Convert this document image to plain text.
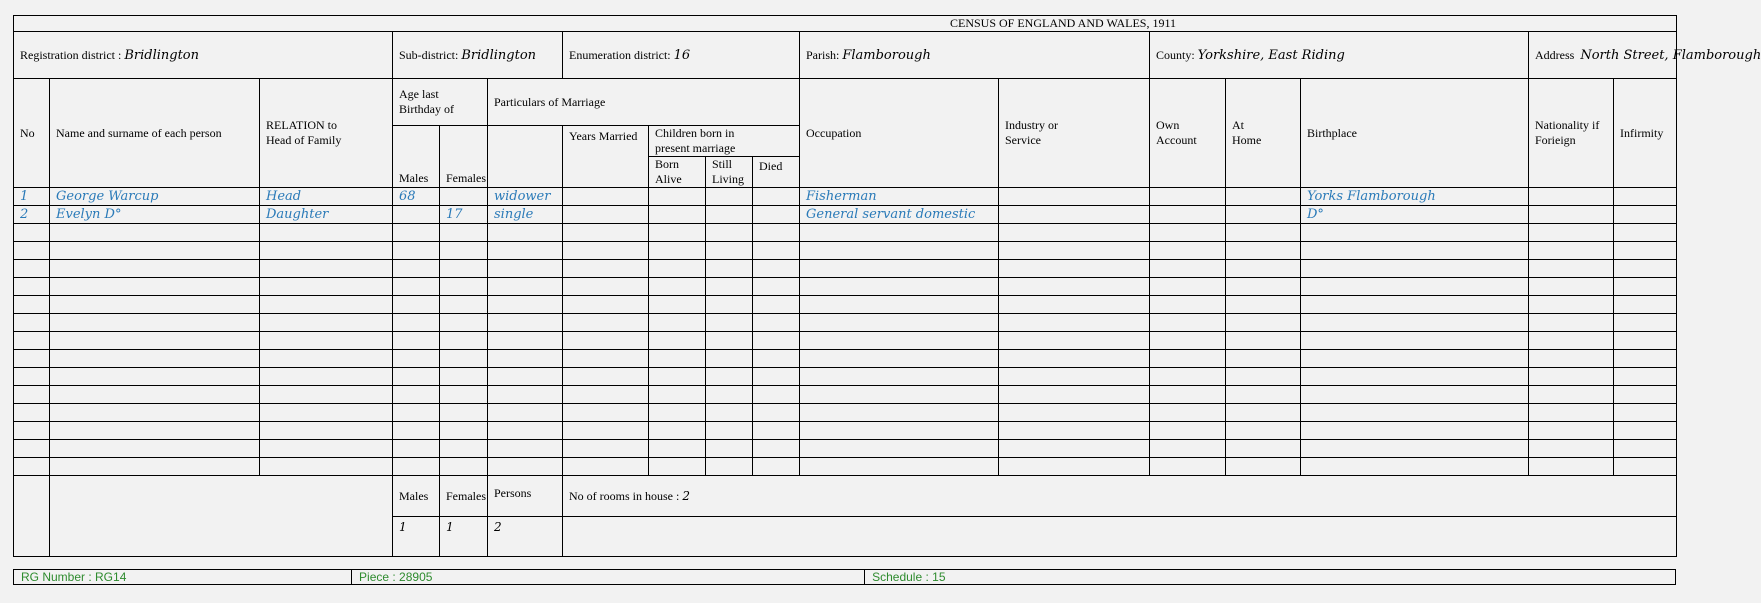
CENSUS OF ENGLAND AND WALES, 1911																
Registration district : Bridlington			Sub-district: Bridlington			Enumeration district: 16				Parish: Flamborough		County: Yorkshire, East Riding			Address North Street, Flamborough	
No	Name and surname of each person	RELATION to Head of Family	Age last Birthday of		Particulars of Marriage					Occupation	Industry or Service	Own Account	At Home	Birthplace	Nationality if Forieign	Infirmity
			Males	Females		Years Married	Children born in present marriage									
							Born Alive	Still Living	Died							

1	George Warcup	Head	68		widower					Fisherman				Yorks Flamborough		
2	Evelyn D°	Daughter		17	single					General servant domestic				D°		

			Males	Females	Persons	No of rooms in house : 2										
			1	1	2											
RG Number : RG14	Piece : 28905	Schedule : 15
